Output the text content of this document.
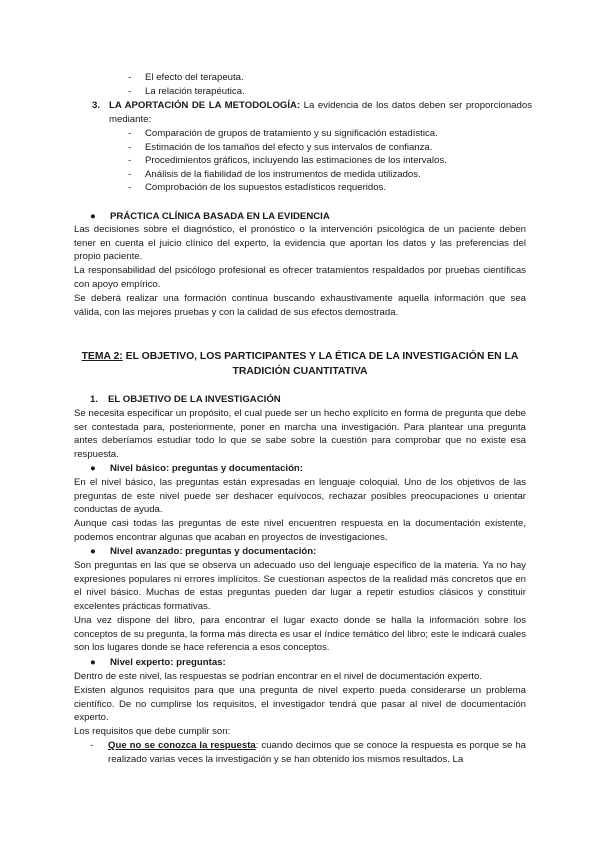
- El efecto del terapeuta.
- La relación terapéutica.
3. LA APORTACIÓN DE LA METODOLOGÍA: La evidencia de los datos deben ser proporcionados mediante:
- Comparación de grupos de tratamiento y su significación estadística.
- Estimación de los tamaños del efecto y sus intervalos de confianza.
- Procedimientos gráficos, incluyendo las estimaciones de los intervalos.
- Análisis de la fiabilidad de los instrumentos de medida utilizados.
- Comprobación de los supuestos estadísticos requeridos.
● PRÁCTICA CLÍNICA BASADA EN LA EVIDENCIA

Las decisiones sobre el diagnóstico, el pronóstico o la intervención psicológica de un paciente deben tener en cuenta el juicio clínico del experto, la evidencia que aportan los datos y las preferencias del propio paciente.

La responsabilidad del psicólogo profesional es ofrecer tratamientos respaldados por pruebas científicas con apoyo empírico.

Se deberá realizar una formación continua buscando exhaustivamente aquella información que sea válida, con las mejores pruebas y con la calidad de sus efectos demostrada.

TEMA 2: EL OBJETIVO, LOS PARTICIPANTES Y LA ÉTICA DE LA INVESTIGACIÓN EN LA TRADICIÓN CUANTITATIVA
1. EL OBJETIVO DE LA INVESTIGACIÓN

Se necesita especificar un propósito, el cual puede ser un hecho explícito en forma de pregunta que debe ser contestada para, posteriormente, poner en marcha una investigación. Para plantear una pregunta antes deberíamos estudiar todo lo que se sabe sobre la cuestión para comprobar que no existe esa respuesta.

● Nivel básico: preguntas y documentación:

En el nivel básico, las preguntas están expresadas en lenguaje coloquial. Uno de los objetivos de las preguntas de este nivel puede ser deshacer equívocos, rechazar posibles preocupaciones u orientar conductas de ayuda.

Aunque casi todas las preguntas de este nivel encuentren respuesta en la documentación existente, podemos encontrar algunas que acaban en proyectos de investigaciones.

● Nivel avanzado: preguntas y documentación:

Son preguntas en las que se observa un adecuado uso del lenguaje específico de la materia. Ya no hay expresiones populares ni errores implícitos. Se cuestionan aspectos de la realidad más concretos que en el nivel básico. Muchas de estas preguntas pueden dar lugar a repetir estudios clásicos y constituir excelentes prácticas formativas.

Una vez dispone del libro, para encontrar el lugar exacto donde se halla la información sobre los conceptos de su pregunta, la forma más directa es usar el índice temático del libro; este le indicará cuales son los lugares donde se hace referencia a esos conceptos.

● Nivel experto: preguntas:

Dentro de este nivel, las respuestas se podrían encontrar en el nivel de documentación experto.

Existen algunos requisitos para que una pregunta de nivel experto pueda considerarse un problema científico. De no cumplirse los requisitos, el investigador tendrá que pasar al nivel de documentación experto.

Los requisitos que debe cumplir son:

- Que no se conozca la respuesta: cuando decimos que se conoce la respuesta es porque se ha realizado varias veces la investigación y se han obtenido los mismos resultados. La
